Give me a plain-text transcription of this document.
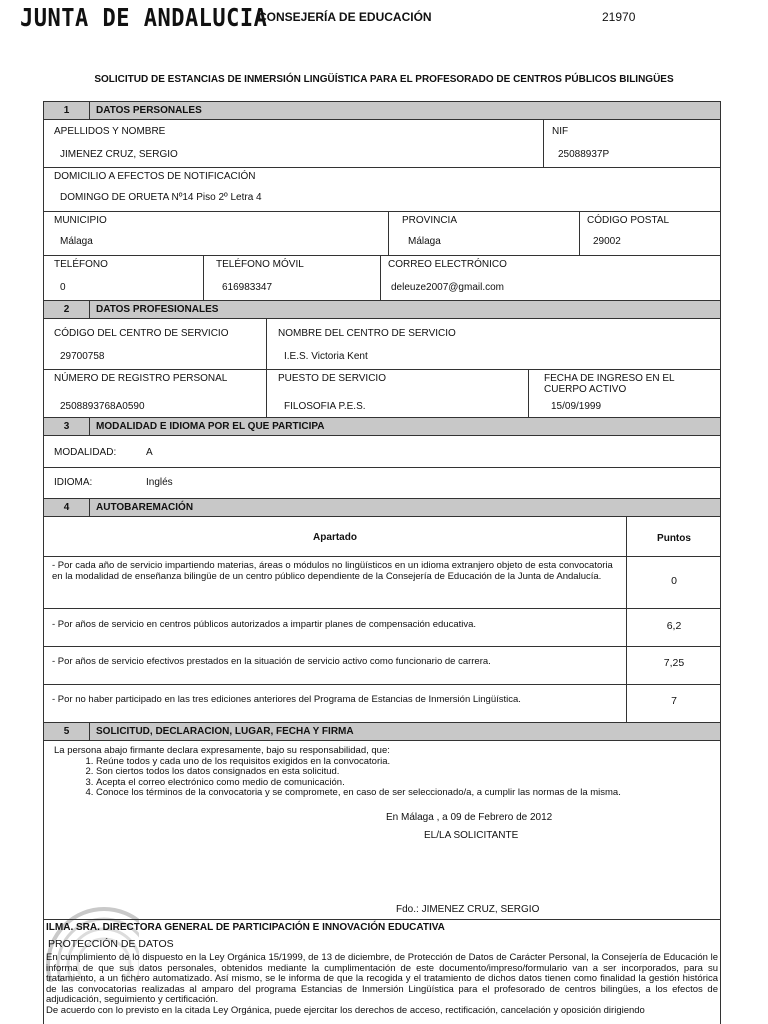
JUNTA DE ANDALUCIA
CONSEJERÍA DE EDUCACIÓN	21970
SOLICITUD DE ESTANCIAS DE INMERSIÓN LINGÜÍSTICA PARA EL PROFESORADO DE CENTROS PÚBLICOS BILINGÜES
1	DATOS PERSONALES
APELLIDOS Y NOMBRE
JIMENEZ CRUZ, SERGIO
NIF
25088937P
DOMICILIO A EFECTOS DE NOTIFICACIÓN
DOMINGO DE ORUETA Nº14 Piso 2º Letra 4
MUNICIPIO
Málaga
PROVINCIA
Málaga
CÓDIGO POSTAL
29002
TELÉFONO
0
TELÉFONO MÓVIL
616983347
CORREO ELECTRÓNICO
deleuze2007@gmail.com
2	DATOS PROFESIONALES
CÓDIGO DEL CENTRO DE SERVICIO
29700758
NOMBRE DEL CENTRO DE SERVICIO
I.E.S. Victoria Kent
NÚMERO DE REGISTRO PERSONAL
2508893768A0590
PUESTO DE SERVICIO
FILOSOFIA P.E.S.
FECHA DE INGRESO EN EL CUERPO ACTIVO
15/09/1999
3	MODALIDAD E IDIOMA POR EL QUE PARTICIPA
MODALIDAD:	A
IDIOMA:	Inglés
4	AUTOBAREMACIÓN
Apartado	Puntos
- Por cada año de servicio impartiendo materias, áreas o módulos no lingüísticos en un idioma extranjero objeto de esta convocatoria en la modalidad de enseñanza bilingüe de un centro público dependiente de la Consejería de Educación de la Junta de Andalucía.	0
- Por años de servicio en centros públicos autorizados a impartir planes de compensación educativa.	6,2
- Por años de servicio efectivos prestados en la situación de servicio activo como funcionario de carrera.	7,25
- Por no haber participado en las tres ediciones anteriores del Programa de Estancias de Inmersión Lingüística.	7
5	SOLICITUD, DECLARACION, LUGAR, FECHA Y FIRMA
La persona abajo firmante declara expresamente, bajo su responsabilidad, que:
1. Reúne todos y cada uno de los requisitos exigidos en la convocatoria.
2. Son ciertos todos los datos consignados en esta solicitud.
3. Acepta el correo electrónico como medio de comunicación.
4. Conoce los términos de la convocatoria y se compromete, en caso de ser seleccionado/a, a cumplir las normas de la misma.
En Málaga , a 09 de Febrero de 2012
EL/LA SOLICITANTE
Fdo.: JIMENEZ CRUZ, SERGIO
ILMA. SRA. DIRECTORA GENERAL DE PARTICIPACIÓN E INNOVACIÓN EDUCATIVA
PROTECCIÓN DE DATOS
En cumplimiento de lo dispuesto en la Ley Orgánica 15/1999, de 13 de diciembre, de Protección de Datos de Carácter Personal, la Consejería de Educación le informa de que sus datos personales, obtenidos mediante la cumplimentación de este documento/impreso/formulario van a ser incorporados, para su tratamiento, a un fichero automatizado. Así mismo, se le informa de que la recogida y el tratamiento de dichos datos tienen como finalidad la gestión histórica de las convocatorias realizadas al amparo del programa Estancias de Inmersión Lingüística para el profesorado de centros bilingües, a los efectos de adjudicación, seguimiento y certificación.
De acuerdo con lo previsto en la citada Ley Orgánica, puede ejercitar los derechos de acceso, rectificación, cancelación y oposición dirigiendo
